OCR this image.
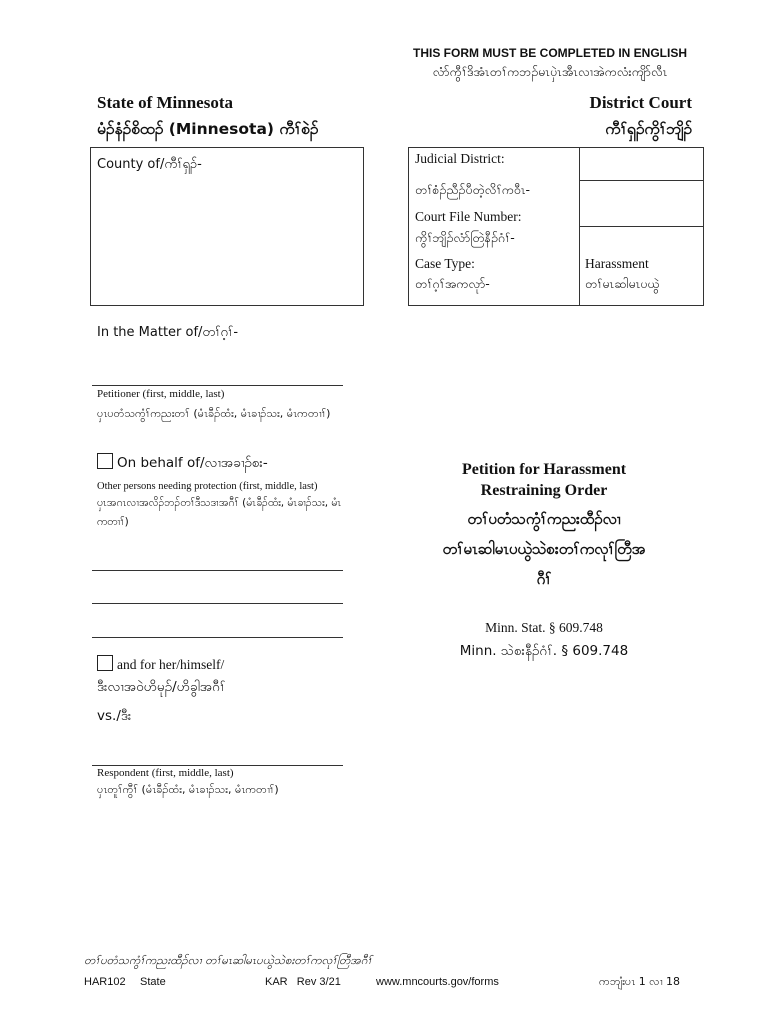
THIS FORM MUST BE COMPLETED IN ENGLISH
လံာ်ကွီၢ်ဒိအံၤတၢ်ကဘၣ်မၤပှဲၤအီၤလၢအဲကလံးကျိာ်လီၤ
State of Minnesota
မံၣ်နံၣ်စိထၣ် (Minnesota) ကီၢ်စဲၣ်
District Court
ကီၢ်ရှၣ်ကွိၢ်ဘျိၣ်
County of/ကီၢ်ရှၣ်-	Judicial District:
တၢ်စံၣ်ညီၣ်ပီတဲ့လိၢ်ကဝီၤ-
Court File Number:
ကွိၢ်ဘျိၣ်လံာ်တြဲနီၣ်ဂံၢ်-
Case Type:
တၢ်ဂ့ၢ်အကလုာ်-
Harassment
တၢ်မၤဆါမၤပယွဲ
In the Matter of/တၢ်ဂ့ၢ်-
Petitioner (first, middle, last)
ပှၤပတံသကွံၢ်ကညးတၢ် (မံၤခီၣ်ထံး, မံၤခၢၣ်သး, မံၤကတၢၢ်)
On behalf of/လၢအခၢၣ်စး-
Other persons needing protection (first, middle, last)
ပှၤအဂၤလၢအလိၣ်ဘၣ်တၢ်ဒီသဒၢအဂီၢ် (မံၤခီၣ်ထံး, မံၤခၢၣ်သး, မံၤကတၢၢ်)
and for her/himself/
ဒီးလၢအဝဲဟိမုၣ်/ဟိခွါအဂီၢ်
vs./ဒီး
Respondent (first, middle, last)
ပှၤတူၢ်ကွီၢ် (မံၤခီၣ်ထံး, မံၤခၢၣ်သး, မံၤကတၢၢ်)
Petition for Harassment
Restraining Order
တၢ်ပတံသကွံၢ်ကညးထီၣ်လၢ
တၢ်မၤဆါမၤပယွဲသဲစးတၢ်ကလုၢ်တြီအ
ဂီၢ်
Minn. Stat. § 609.748
Minn. သဲစးနီၣ်ဂံၢ်. § 609.748
တၢ်ပတံသကွံၢ်ကညးထီၣ်လၢ တၢ်မၤဆါမၤပယွဲသဲစးတၢ်ကလုၢ်တြီအဂီၢ်
HAR102 State	KAR   Rev 3/21	www.mncourts.gov/forms	ကဘျံးပၤ 1 လၢ 18
